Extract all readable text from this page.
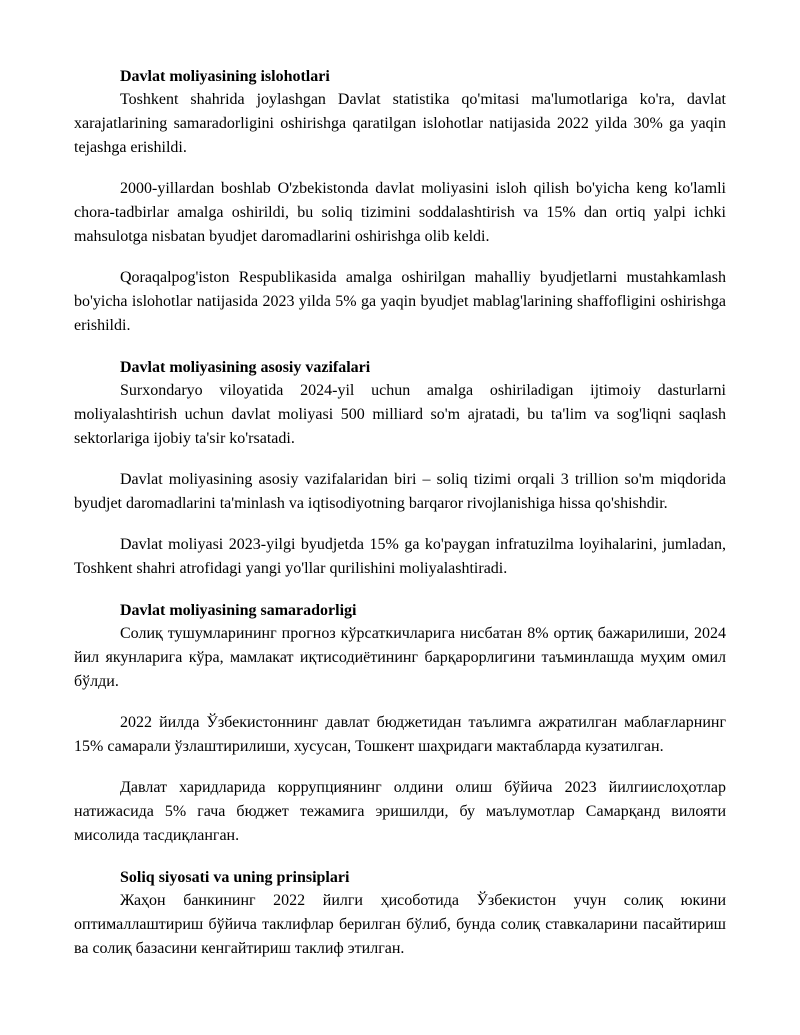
Davlat moliyasining islohotlari

Toshkent shahrida joylashgan Davlat statistika qo'mitasi ma'lumotlariga ko'ra, davlat xarajatlarining samaradorligini oshirishga qaratilgan islohotlar natijasida 2022 yilda 30% ga yaqin tejashga erishildi.

2000-yillardan boshlab O'zbekistonda davlat moliyasini isloh qilish bo'yicha keng ko'lamli chora-tadbirlar amalga oshirildi, bu soliq tizimini soddalashtirish va 15% dan ortiq yalpi ichki mahsulotga nisbatan byudjet daromadlarini oshirishga olib keldi.

Qoraqalpog'iston Respublikasida amalga oshirilgan mahalliy byudjetlarni mustahkamlash bo'yicha islohotlar natijasida 2023 yilda 5% ga yaqin byudjet mablag'larining shaffofligini oshirishga erishildi.

Davlat moliyasining asosiy vazifalari

Surxondaryo viloyatida 2024-yil uchun amalga oshiriladigan ijtimoiy dasturlarni moliyalashtirish uchun davlat moliyasi 500 milliard so'm ajratadi, bu ta'lim va sog'liqni saqlash sektorlariga ijobiy ta'sir ko'rsatadi.

Davlat moliyasining asosiy vazifalaridan biri – soliq tizimi orqali 3 trillion so'm miqdorida byudjet daromadlarini ta'minlash va iqtisodiyotning barqaror rivojlanishiga hissa qo'shishdir.

Davlat moliyasi 2023-yilgi byudjetda 15% ga ko'paygan infratuzilma loyihalarini, jumladan, Toshkent shahri atrofidagi yangi yo'llar qurilishini moliyalashtiradi.

Davlat moliyasining samaradorligi

Солиқ тушумларининг прогноз кўрсаткичларига нисбатан 8% ортиқ бажарилиши, 2024 йил якунларига кўра, мамлакат иқтисодиётининг барқарорлигини таъминлашда муҳим омил бўлди.

2022 йилда Ўзбекистоннинг давлат бюджетидан таълимга ажратилган маблағларнинг 15% самарали ўзлаштирилиши, хусусан, Тошкент шаҳридаги мактабларда кузатилган.

Давлат харидларида коррупциянинг олдини олиш бўйича 2023 йилгиислоҳотлар натижасида 5% гача бюджет тежамига эришилди, бу маълумотлар Самарқанд вилояти мисолида тасдиқланган.

Soliq siyosati va uning prinsiplari

Жаҳон банкининг 2022 йилги ҳисоботида Ўзбекистон учун солиқ юкини оптималлаштириш бўйича таклифлар берилган бўлиб, бунда солиқ ставкаларини пасайтириш ва солиқ базасини кенгайтириш таклиф этилган.
